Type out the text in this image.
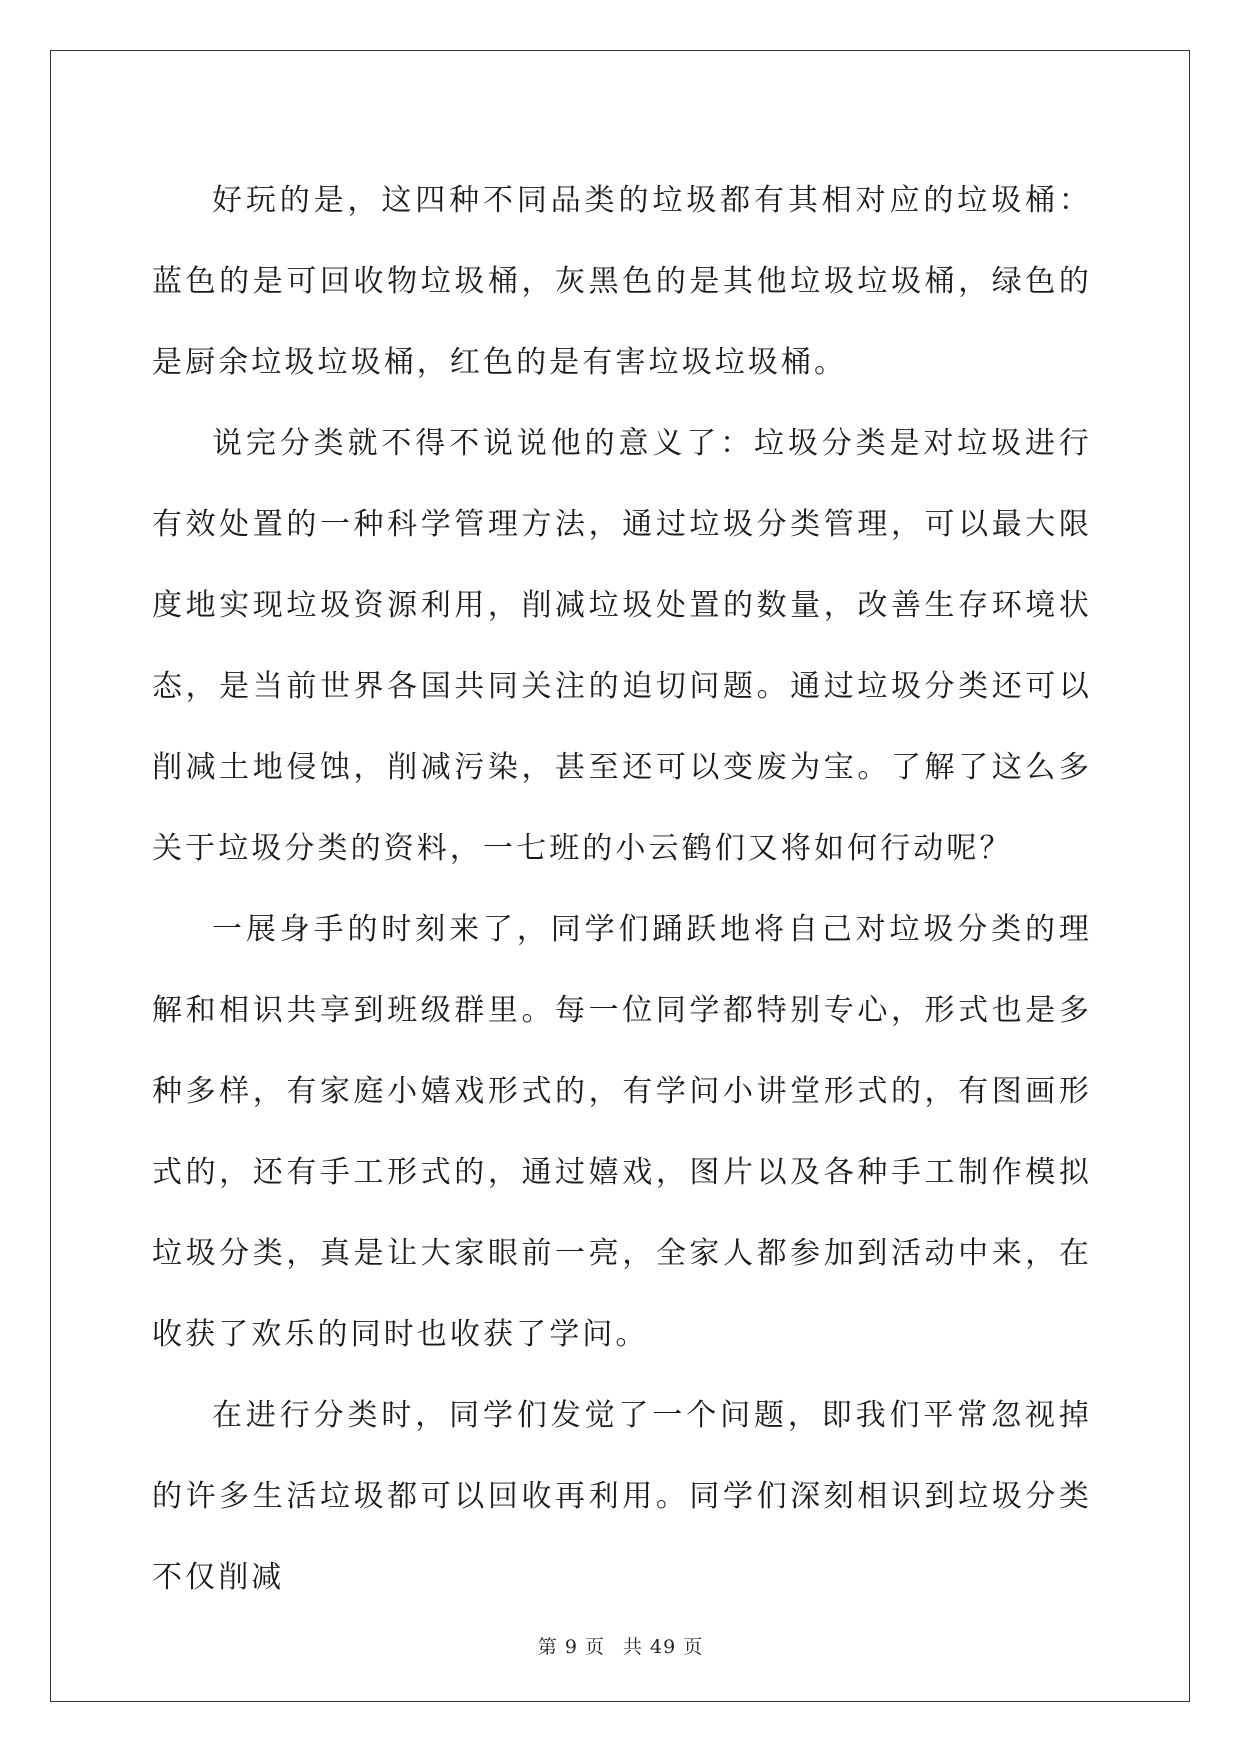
好玩的是，这四种不同品类的垃圾都有其相对应的垃圾桶：蓝色的是可回收物垃圾桶，灰黑色的是其他垃圾垃圾桶，绿色的是厨余垃圾垃圾桶，红色的是有害垃圾垃圾桶。

说完分类就不得不说说他的意义了：垃圾分类是对垃圾进行有效处置的一种科学管理方法，通过垃圾分类管理，可以最大限度地实现垃圾资源利用，削减垃圾处置的数量，改善生存环境状态，是当前世界各国共同关注的迫切问题。通过垃圾分类还可以削减土地侵蚀，削减污染，甚至还可以变废为宝。了解了这么多关于垃圾分类的资料，一七班的小云鹤们又将如何行动呢？

一展身手的时刻来了，同学们踊跃地将自己对垃圾分类的理解和相识共享到班级群里。每一位同学都特别专心，形式也是多种多样，有家庭小嬉戏形式的，有学问小讲堂形式的，有图画形式的，还有手工形式的，通过嬉戏，图片以及各种手工制作模拟垃圾分类，真是让大家眼前一亮，全家人都参加到活动中来，在收获了欢乐的同时也收获了学问。

在进行分类时，同学们发觉了一个问题，即我们平常忽视掉的许多生活垃圾都可以回收再利用。同学们深刻相识到垃圾分类不仅削减

第 9 页 共 49 页
